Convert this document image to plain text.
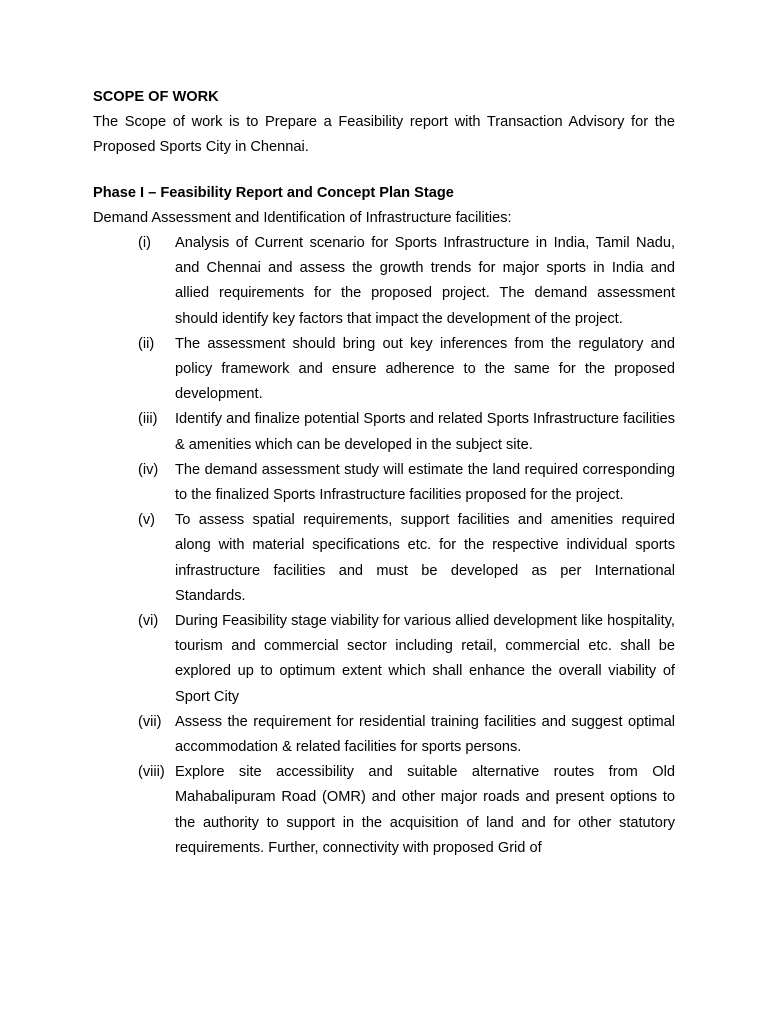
SCOPE OF WORK

The Scope of work is to Prepare a Feasibility report with Transaction Advisory for the Proposed Sports City in Chennai.

Phase I – Feasibility Report and Concept Plan Stage

Demand Assessment and Identification of Infrastructure facilities:

(i)	Analysis of Current scenario for Sports Infrastructure in India, Tamil Nadu, and Chennai and assess the growth trends for major sports in India and allied requirements for the proposed project. The demand assessment should identify key factors that impact the development of the project.

(ii)	The assessment should bring out key inferences from the regulatory and policy framework and ensure adherence to the same for the proposed development.

(iii)	Identify and finalize potential Sports and related Sports Infrastructure facilities & amenities which can be developed in the subject site.

(iv)	The demand assessment study will estimate the land required corresponding to the finalized Sports Infrastructure facilities proposed for the project.

(v)	To assess spatial requirements, support facilities and amenities required along with material specifications etc. for the respective individual sports infrastructure facilities and must be developed as per International Standards.

(vi)	During Feasibility stage viability for various allied development like hospitality, tourism and commercial sector including retail, commercial etc. shall be explored up to optimum extent which shall enhance the overall viability of Sport City

(vii) Assess the requirement for residential training facilities and suggest optimal accommodation & related facilities for sports persons.

(viii) Explore site accessibility and suitable alternative routes from Old Mahabalipuram Road (OMR) and other major roads and present options to the authority to support in the acquisition of land and for other statutory requirements. Further, connectivity with proposed Grid of
